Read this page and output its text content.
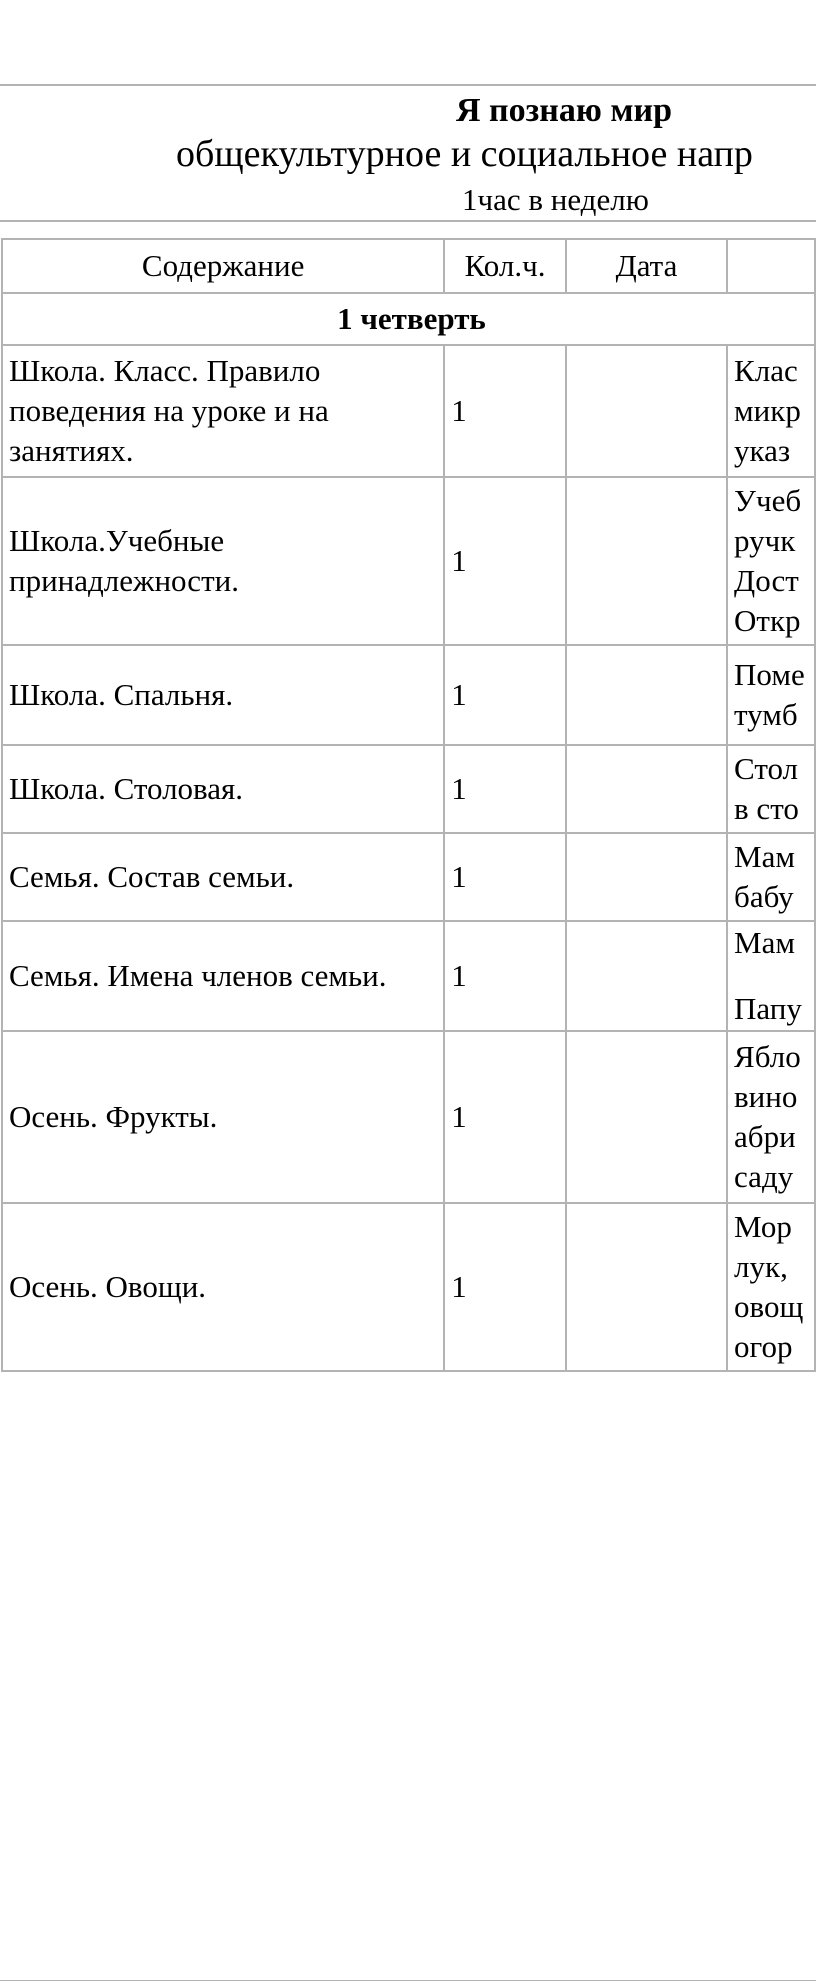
Я познаю мир
общекультурное и социальное напр
1час в неделю
Содержание	Кол.ч.	Дата	
1 четверть			
Школа. Класс. Правило поведения на уроке и на занятиях.	1		Клас
микр
указ

Школа.Учебные принадлежности.	1		Учеб
ручк
Дост
Откр

Школа. Спальня.	1		Поме
тумб

Школа. Столовая.	1		Стол
в сто

Семья. Состав семьи.	1		Мам
бабу

Семья. Имена членов семьи.	1		Мам
Папу

Осень. Фрукты.	1		Ябло
вино
абри
саду

Осень. Овощи.	1		Мор
лук,
овощ
огор
